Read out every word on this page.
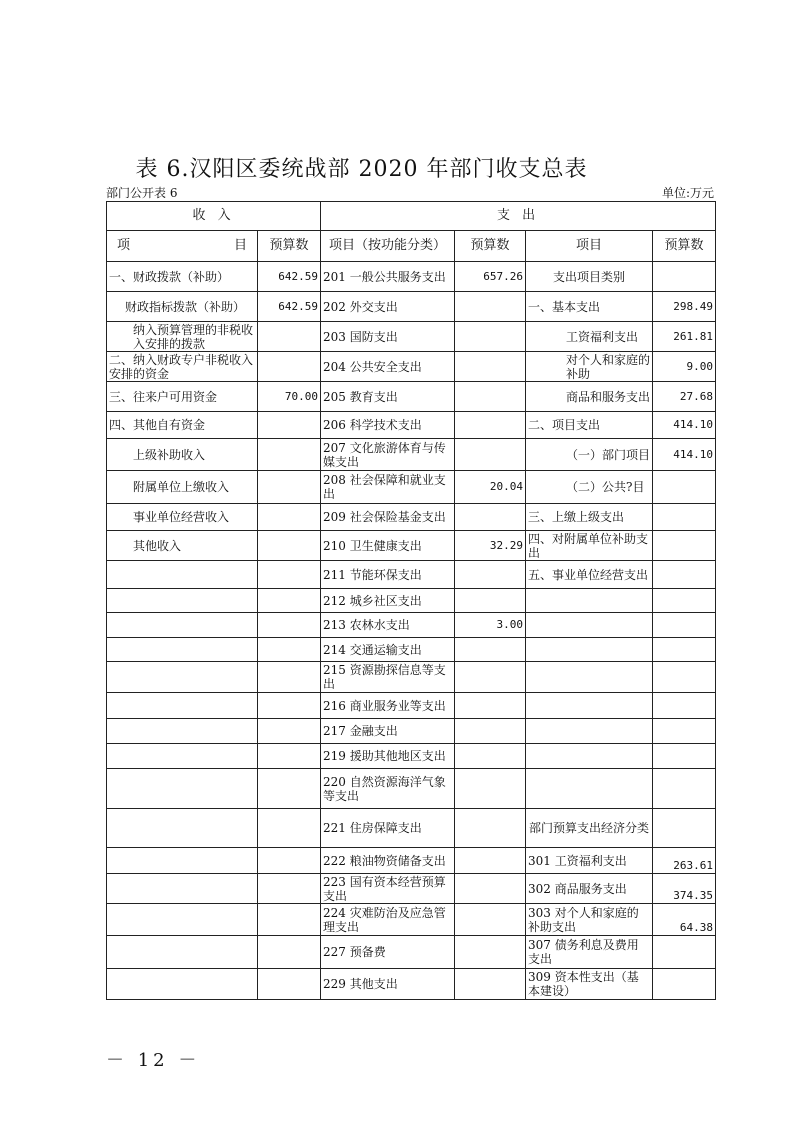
表 6.汉阳区委统战部 2020 年部门收支总表
部门公开表 6	单位:万元
收 入		支 出			
项 目	预算数	项目（按功能分类）	预算数	项目	预算数
一、财政拨款（补助）	642.59	201 一般公共服务支出	657.26	支出项目类别	
财政指标拨款（补助）	642.59	202 外交支出		一、基本支出	298.49
纳入预算管理的非税收入安排的拨款		203 国防支出		工资福利支出	261.81
二、纳入财政专户非税收入安排的资金		204 公共安全支出		对个人和家庭的补助	9.00
三、往来户可用资金	70.00	205 教育支出		商品和服务支出	27.68
四、其他自有资金		206 科学技术支出		二、项目支出	414.10
上级补助收入		207 文化旅游体育与传媒支出		（一）部门项目	414.10
附属单位上缴收入		208 社会保障和就业支出	20.04	（二）公共?目	
事业单位经营收入		209 社会保险基金支出		三、上缴上级支出	
其他收入		210 卫生健康支出	32.29	四、对附属单位补助支出	
		211 节能环保支出		五、事业单位经营支出	
		212 城乡社区支出			
		213 农林水支出	3.00		
		214 交通运输支出			
		215 资源勘探信息等支出			
		216 商业服务业等支出			
		217 金融支出			
		219 援助其他地区支出			
		220 自然资源海洋气象等支出			
		221 住房保障支出		部门预算支出经济分类	
		222 粮油物资储备支出		301 工资福利支出	263.61
		223 国有资本经营预算支出		302 商品服务支出	374.35
		224 灾难防治及应急管理支出		303 对个人和家庭的补助支出	64.38
		227 预备费		307 债务利息及费用支出	
		229 其他支出		309 资本性支出（基本建设）	
－ 12 －
